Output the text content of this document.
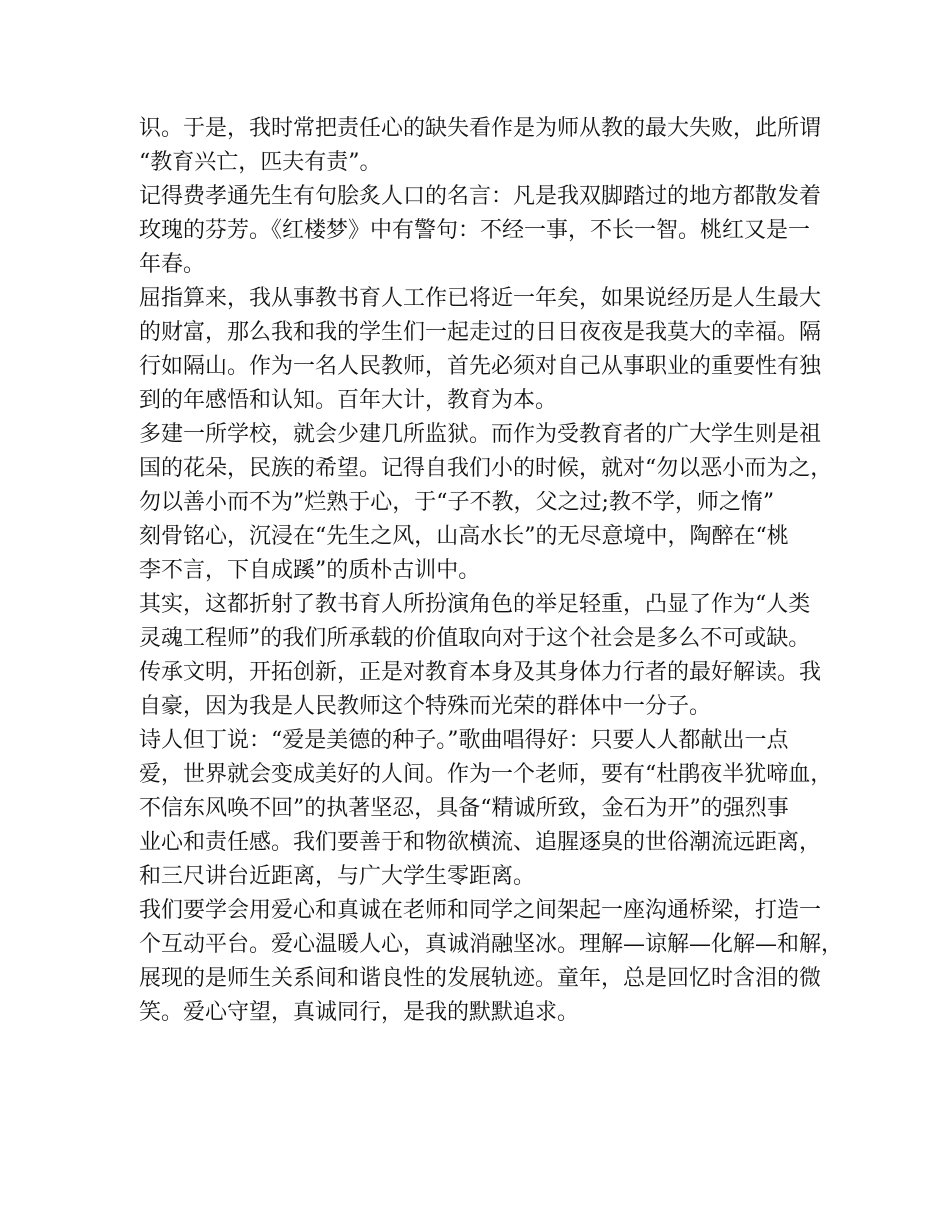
识。于是，我时常把责任心的缺失看作是为师从教的最大失败，此所谓
“教育兴亡，匹夫有责”。

记得费孝通先生有句脍炙人口的名言：凡是我双脚踏过的地方都散发着
玫瑰的芬芳。《红楼梦》中有警句：不经一事，不长一智。桃红又是一
年春。

屈指算来，我从事教书育人工作已将近一年矣，如果说经历是人生最大
的财富，那么我和我的学生们一起走过的日日夜夜是我莫大的幸福。隔
行如隔山。作为一名人民教师，首先必须对自己从事职业的重要性有独
到的年感悟和认知。百年大计，教育为本。

多建一所学校，就会少建几所监狱。而作为受教育者的广大学生则是祖
国的花朵，民族的希望。记得自我们小的时候，就对“勿以恶小而为之，
勿以善小而不为”烂熟于心，于“子不教，父之过;教不学，师之惰”
刻骨铭心，沉浸在“先生之风，山高水长”的无尽意境中，陶醉在“桃
李不言，下自成蹊”的质朴古训中。

其实，这都折射了教书育人所扮演角色的举足轻重，凸显了作为“人类
灵魂工程师”的我们所承载的价值取向对于这个社会是多么不可或缺。
传承文明，开拓创新，正是对教育本身及其身体力行者的最好解读。我
自豪，因为我是人民教师这个特殊而光荣的群体中一分子。

诗人但丁说：“爱是美德的种子。”歌曲唱得好：只要人人都献出一点
爱，世界就会变成美好的人间。作为一个老师，要有“杜鹃夜半犹啼血，
不信东风唤不回”的执著坚忍，具备“精诚所致，金石为开”的强烈事
业心和责任感。我们要善于和物欲横流、追腥逐臭的世俗潮流远距离，
和三尺讲台近距离，与广大学生零距离。

我们要学会用爱心和真诚在老师和同学之间架起一座沟通桥梁，打造一
个互动平台。爱心温暖人心，真诚消融坚冰。理解—谅解—化解—和解，
展现的是师生关系间和谐良性的发展轨迹。童年，总是回忆时含泪的微
笑。爱心守望，真诚同行，是我的默默追求。
